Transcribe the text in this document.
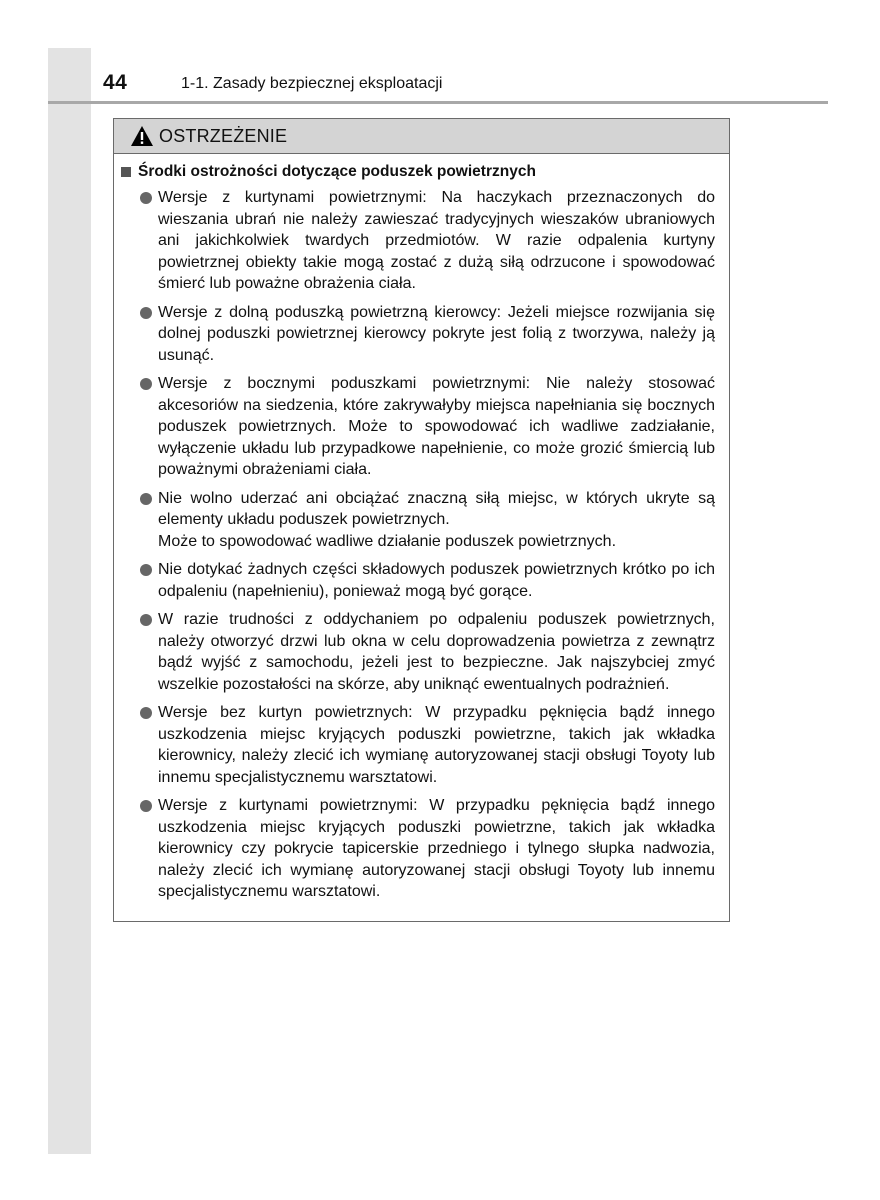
44	1-1. Zasady bezpiecznej eksploatacji
OSTRZEŻENIE
Środki ostrożności dotyczące poduszek powietrznych
Wersje z kurtynami powietrznymi: Na haczykach przeznaczonych do wieszania ubrań nie należy zawieszać tradycyjnych wieszaków ubraniowych ani jakichkolwiek twardych przedmiotów. W razie odpalenia kurtyny powietrznej obiekty takie mogą zostać z dużą siłą odrzucone i spowodować śmierć lub poważne obrażenia ciała.
Wersje z dolną poduszką powietrzną kierowcy: Jeżeli miejsce rozwijania się dolnej poduszki powietrznej kierowcy pokryte jest folią z tworzywa, należy ją usunąć.
Wersje z bocznymi poduszkami powietrznymi: Nie należy stosować akcesoriów na siedzenia, które zakrywałyby miejsca napełniania się bocznych poduszek powietrznych. Może to spowodować ich wadliwe zadziałanie, wyłączenie układu lub przypadkowe napełnienie, co może grozić śmiercią lub poważnymi obrażeniami ciała.
Nie wolno uderzać ani obciążać znaczną siłą miejsc, w których ukryte są elementy układu poduszek powietrznych.
Może to spowodować wadliwe działanie poduszek powietrznych.
Nie dotykać żadnych części składowych poduszek powietrznych krótko po ich odpaleniu (napełnieniu), ponieważ mogą być gorące.
W razie trudności z oddychaniem po odpaleniu poduszek powietrznych, należy otworzyć drzwi lub okna w celu doprowadzenia powietrza z zewnątrz bądź wyjść z samochodu, jeżeli jest to bezpieczne. Jak najszybciej zmyć wszelkie pozostałości na skórze, aby uniknąć ewentualnych podrażnień.
Wersje bez kurtyn powietrznych: W przypadku pęknięcia bądź innego uszkodzenia miejsc kryjących poduszki powietrzne, takich jak wkładka kierownicy, należy zlecić ich wymianę autoryzowanej stacji obsługi Toyoty lub innemu specjalistycznemu warsztatowi.
Wersje z kurtynami powietrznymi: W przypadku pęknięcia bądź innego uszkodzenia miejsc kryjących poduszki powietrzne, takich jak wkładka kierownicy czy pokrycie tapicerskie przedniego i tylnego słupka nadwozia, należy zlecić ich wymianę autoryzowanej stacji obsługi Toyoty lub innemu specjalistycznemu warsztatowi.
